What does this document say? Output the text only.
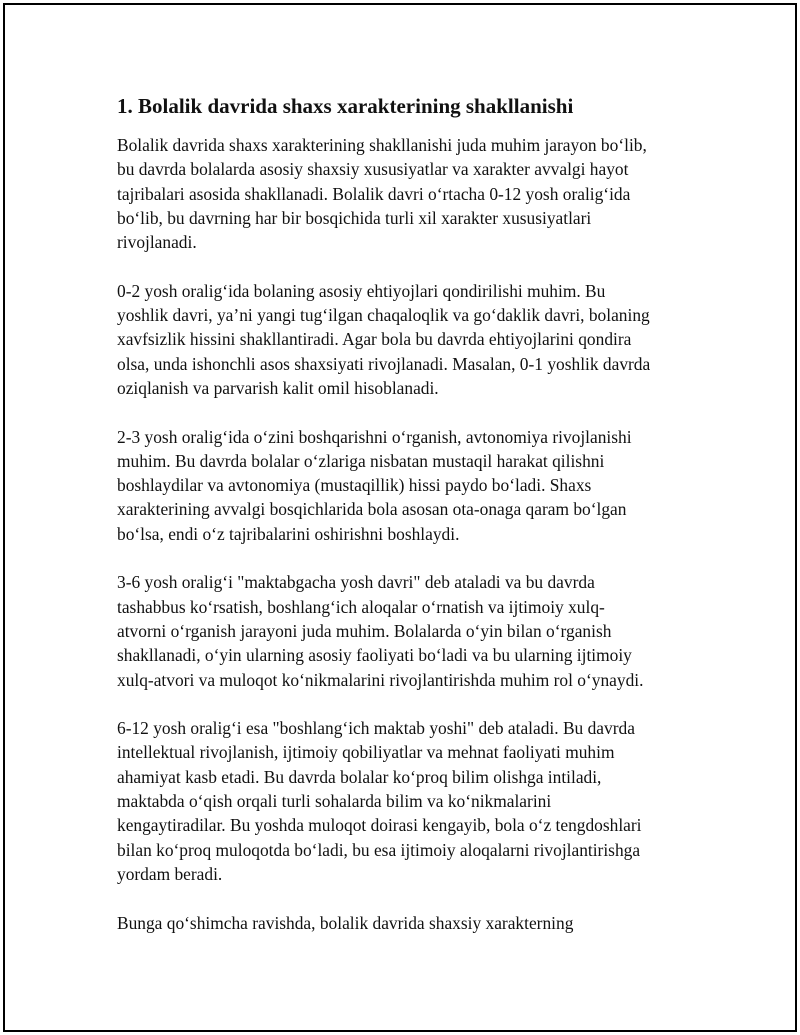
1. Bolalik davrida shaxs xarakterining shakllanishi

Bolalik davrida shaxs xarakterining shakllanishi juda muhim jarayon bo‘lib,
bu davrda bolalarda asosiy shaxsiy xususiyatlar va xarakter avvalgi hayot
tajribalari asosida shakllanadi. Bolalik davri o‘rtacha 0-12 yosh oralig‘ida
bo‘lib, bu davrning har bir bosqichida turli xil xarakter xususiyatlari
rivojlanadi.

0-2 yosh oralig‘ida bolaning asosiy ehtiyojlari qondirilishi muhim. Bu
yoshlik davri, ya’ni yangi tug‘ilgan chaqaloqlik va go‘daklik davri, bolaning
xavfsizlik hissini shakllantiradi. Agar bola bu davrda ehtiyojlarini qondira
olsa, unda ishonchli asos shaxsiyati rivojlanadi. Masalan, 0-1 yoshlik davrda
oziqlanish va parvarish kalit omil hisoblanadi.

2-3 yosh oralig‘ida o‘zini boshqarishni o‘rganish, avtonomiya rivojlanishi
muhim. Bu davrda bolalar o‘zlariga nisbatan mustaqil harakat qilishni
boshlaydilar va avtonomiya (mustaqillik) hissi paydo bo‘ladi. Shaxs
xarakterining avvalgi bosqichlarida bola asosan ota-onaga qaram bo‘lgan
bo‘lsa, endi o‘z tajribalarini oshirishni boshlaydi.

3-6 yosh oralig‘i "maktabgacha yosh davri" deb ataladi va bu davrda
tashabbus ko‘rsatish, boshlang‘ich aloqalar o‘rnatish va ijtimoiy xulq-
atvorni o‘rganish jarayoni juda muhim. Bolalarda o‘yin bilan o‘rganish
shakllanadi, o‘yin ularning asosiy faoliyati bo‘ladi va bu ularning ijtimoiy
xulq-atvori va muloqot ko‘nikmalarini rivojlantirishda muhim rol o‘ynaydi.

6-12 yosh oralig‘i esa "boshlang‘ich maktab yoshi" deb ataladi. Bu davrda
intellektual rivojlanish, ijtimoiy qobiliyatlar va mehnat faoliyati muhim
ahamiyat kasb etadi. Bu davrda bolalar ko‘proq bilim olishga intiladi,
maktabda o‘qish orqali turli sohalarda bilim va ko‘nikmalarini
kengaytiradilar. Bu yoshda muloqot doirasi kengayib, bola o‘z tengdoshlari
bilan ko‘proq muloqotda bo‘ladi, bu esa ijtimoiy aloqalarni rivojlantirishga
yordam beradi.

Bunga qo‘shimcha ravishda, bolalik davrida shaxsiy xarakterning
